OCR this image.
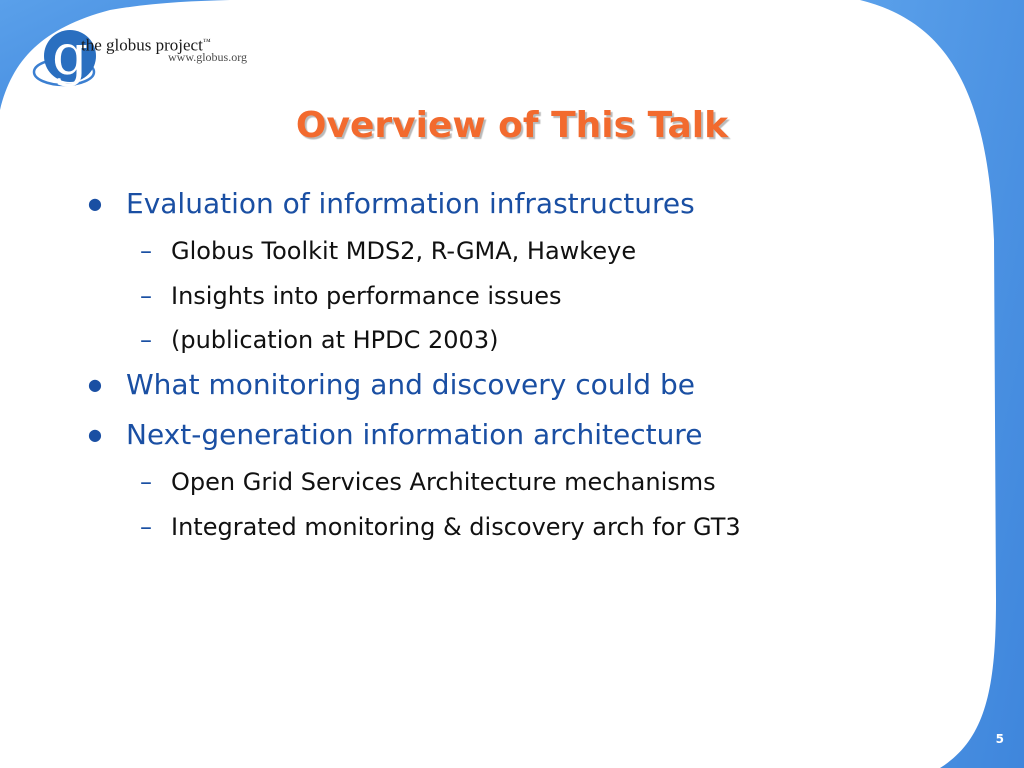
g
the globus project™
www.globus.org
Overview of This Talk
● Evaluation of information infrastructures
– Globus Toolkit MDS2, R-GMA, Hawkeye
– Insights into performance issues
– (publication at HPDC 2003)
● What monitoring and discovery could be
● Next-generation information architecture
– Open Grid Services Architecture mechanisms
– Integrated monitoring & discovery arch for GT3
5
